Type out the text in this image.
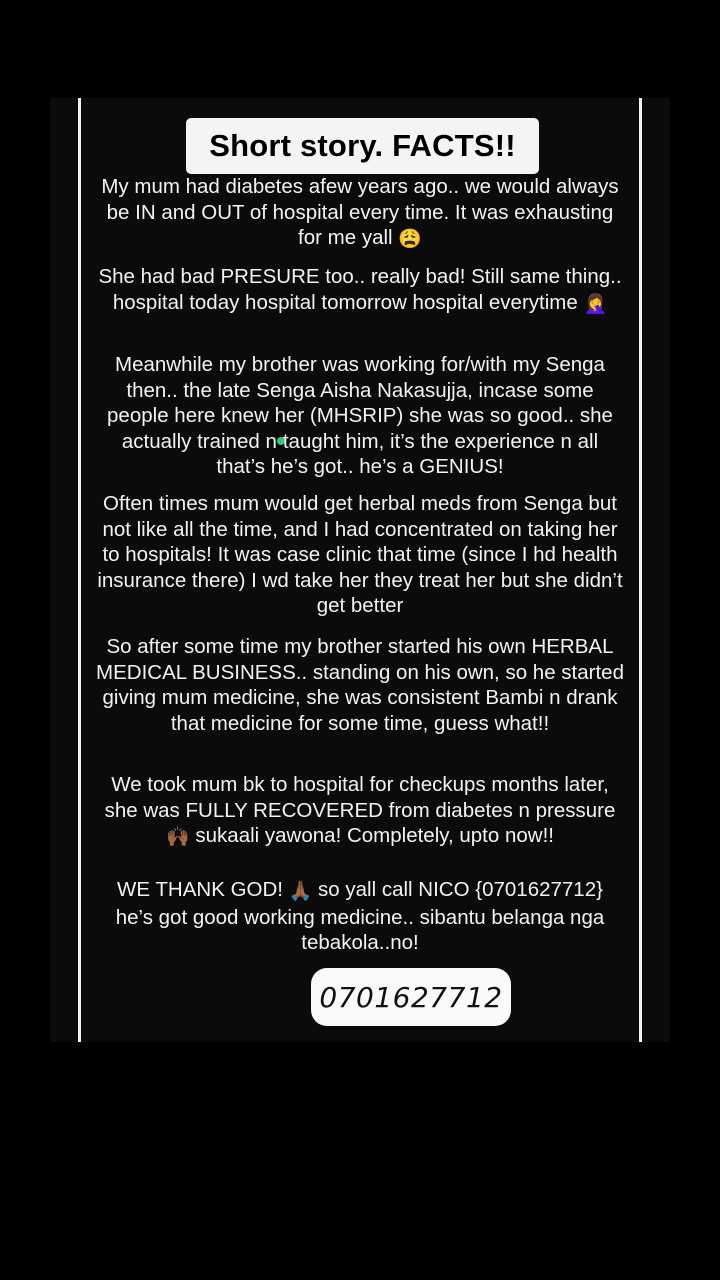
Short story. FACTS!!

My mum had diabetes afew years ago.. we would always be IN and OUT of hospital every time. It was exhausting for me yall 😩

She had bad PRESURE too.. really bad! Still same thing.. hospital today hospital tomorrow hospital everytime 🤦‍♀️

Meanwhile my brother was working for/with my Senga then.. the late Senga Aisha Nakasujja, incase some people here knew her (MHSRIP) she was so good.. she actually trained n taught him, it’s the experience n all that’s he’s got.. he’s a GENIUS!

Often times mum would get herbal meds from Senga but not like all the time, and I had concentrated on taking her to hospitals! It was case clinic that time (since I hd health insurance there) I wd take her they treat her but she didn’t get better

So after some time my brother started his own HERBAL MEDICAL BUSINESS.. standing on his own, so he started giving mum medicine, she was consistent Bambi n drank that medicine for some time, guess what!!

We took mum bk to hospital for checkups months later, she was FULLY RECOVERED from diabetes n pressure🙌🏾 sukaali yawona! Completely, upto now!!

WE THANK GOD! 🙏🏾 so yall call NICO {0701627712} he’s got good working medicine.. sibantu belanga nga tebakola..no!

0701627712
